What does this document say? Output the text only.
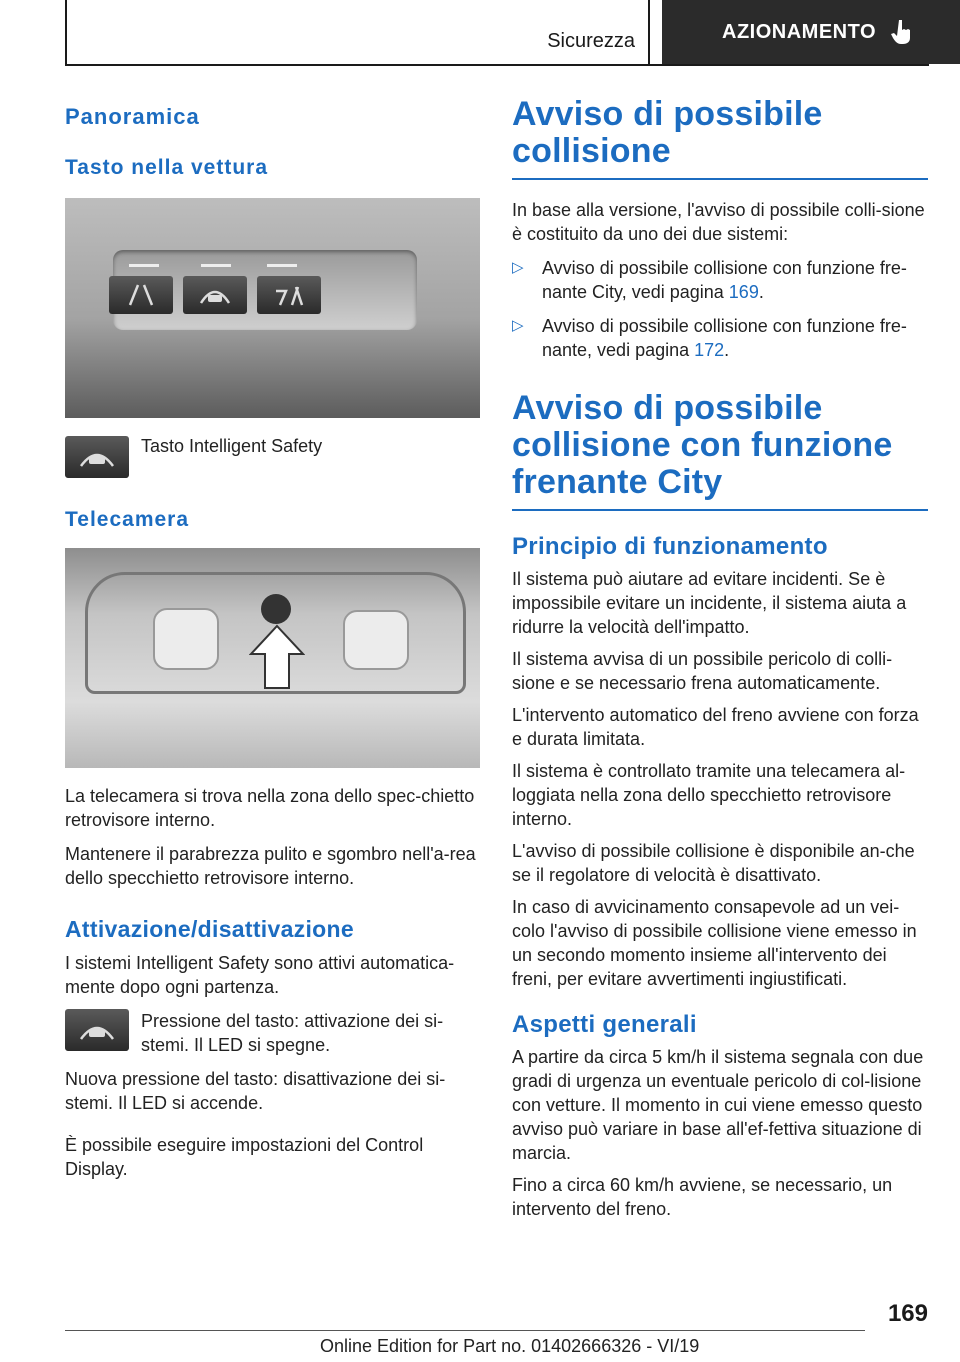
Sicurezza	AZIONAMENTO
Panoramica
Tasto nella vettura

Tasto Intelligent Safety

Telecamera

La telecamera si trova nella zona dello spec-chietto retrovisore interno.

Mantenere il parabrezza pulito e sgombro nell'a-rea dello specchietto retrovisore interno.

Attivazione/disattivazione

I sistemi Intelligent Safety sono attivi automatica-mente dopo ogni partenza.

Pressione del tasto: attivazione dei si-stemi. Il LED si spegne.

Nuova pressione del tasto: disattivazione dei si-stemi. Il LED si accende.

È possibile eseguire impostazioni del Control Display.

Avviso di possibile collisione

In base alla versione, l'avviso di possibile colli-sione è costituito da uno dei due sistemi:

▷	Avviso di possibile collisione con funzione fre-nante City, vedi pagina 169.

▷	Avviso di possibile collisione con funzione fre-nante, vedi pagina 172.

Avviso di possibile collisione con funzione frenante City
Principio di funzionamento

Il sistema può aiutare ad evitare incidenti. Se è impossibile evitare un incidente, il sistema aiuta a ridurre la velocità dell'impatto.

Il sistema avvisa di un possibile pericolo di colli-sione e se necessario frena automaticamente.

L'intervento automatico del freno avviene con forza e durata limitata.

Il sistema è controllato tramite una telecamera al-loggiata nella zona dello specchietto retrovisore interno.

L'avviso di possibile collisione è disponibile an-che se il regolatore di velocità è disattivato.

In caso di avvicinamento consapevole ad un vei-colo l'avviso di possibile collisione viene emesso in un secondo momento insieme all'intervento dei freni, per evitare avvertimenti ingiustificati.

Aspetti generali

A partire da circa 5 km/h il sistema segnala con due gradi di urgenza un eventuale pericolo di col-lisione con vetture. Il momento in cui viene emesso questo avviso può variare in base all'ef-fettiva situazione di marcia.

Fino a circa 60 km/h avviene, se necessario, un intervento del freno.

169
Online Edition for Part no. 01402666326 - VI/19
